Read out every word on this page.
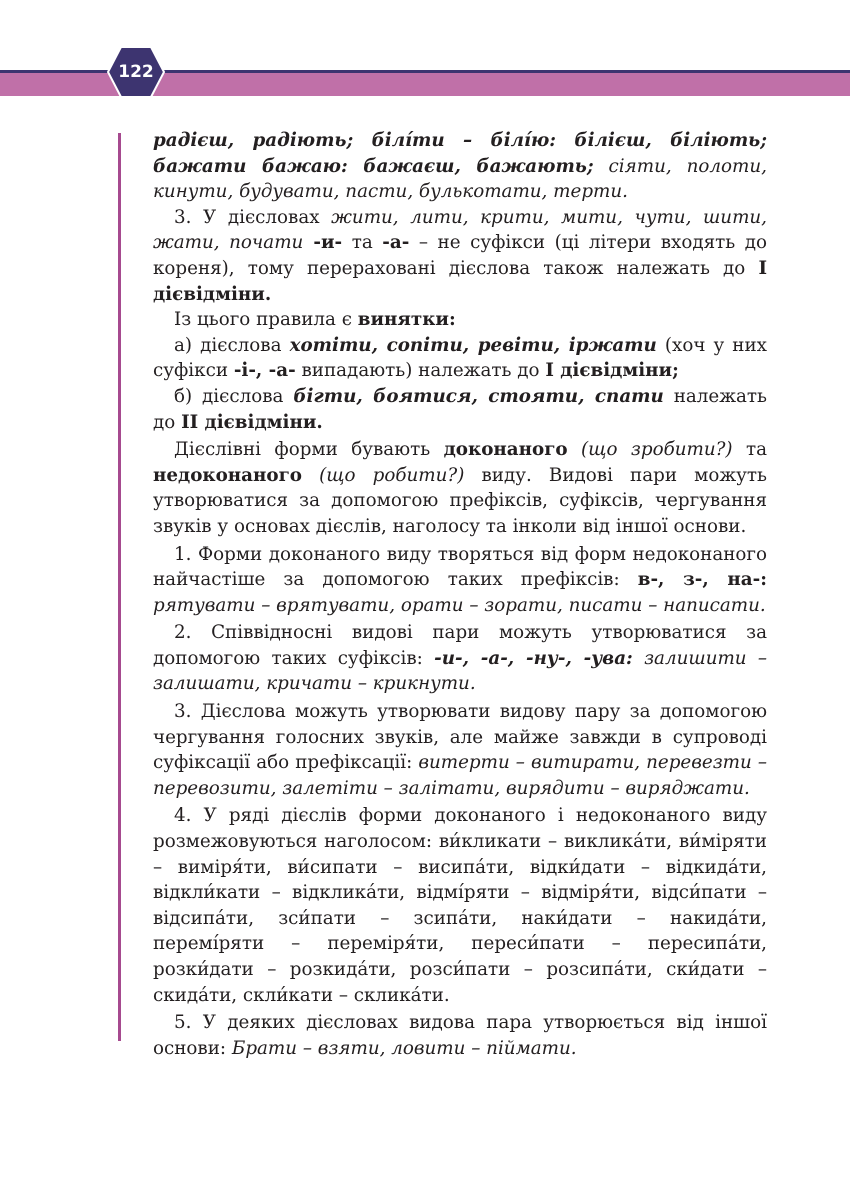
122

радієш, радіють; білі́ти – білі́ю: білієш, біліють; бажати бажаю: бажаєш, бажають; сіяти, полоти, кинути, будувати, пасти, булькотати, терти.

3. У дієсловах жити, лити, крити, мити, чути, шити, жати, почати -и- та -а- – не суфікси (ці літери входять до кореня), тому перераховані дієслова також належать до I дієвідміни.

Із цього правила є винятки:

а) дієслова хотіти, сопіти, ревіти, іржати (хоч у них суфікси -і-, -а- випадають) належать до I дієвідміни;

б) дієслова бігти, боятися, стояти, спати належать до II дієвідміни.

Дієслівні форми бувають доконаного (що зробити?) та недоконаного (що робити?) виду. Видові пари можуть утворюватися за допомогою префіксів, суфіксів, чергування звуків у основах дієслів, наголосу та інколи від іншої основи.

1. Форми доконаного виду творяться від форм недоконаного найчастіше за допомогою таких префіксів: в-, з-, на-: рятувати – врятувати, орати – зорати, писати – написати.

2. Співвідносні видові пари можуть утворюватися за допомогою таких суфіксів: -и-, -а-, -ну-, -ува: залишити – залишати, кричати – крикнути.

3. Дієслова можуть утворювати видову пару за допомогою чергування голосних звуків, але майже завжди в супроводі суфіксації або префіксації: витерти – витирати, перевезти – перевозити, залетіти – залітати, вирядити – виряджати.

4. У ряді дієслів форми доконаного і недоконаного виду розмежовуються наголосом: ви́кликати – виклика́ти, ви́міряти – виміря́ти, ви́сипати – висипа́ти, відки́дати – відкида́ти, відкли́кати – відклика́ти, відмі́ряти – відміря́ти, відси́пати – відсипа́ти, зси́пати – зсипа́ти, наки́дати – накида́ти, перемі́ряти – переміря́ти, переси́пати – пересипа́ти, розки́дати – розкида́ти, розси́пати – розсипа́ти, ски́дати – скида́ти, скли́кати – склика́ти.

5. У деяких дієсловах видова пара утворюється від іншої основи: Брати – взяти, ловити – піймати.
